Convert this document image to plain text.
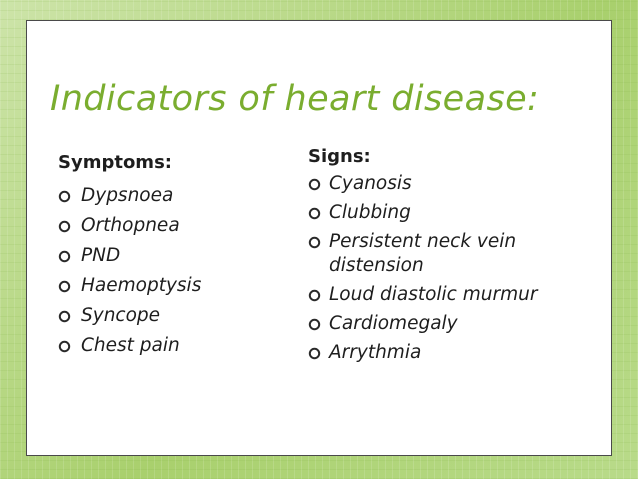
Indicators of heart disease:
Symptoms:
Dypsnoea
Orthopnea
PND
Haemoptysis
Syncope
Chest pain
Signs:
Cyanosis
Clubbing
Persistent neck vein distension
Loud diastolic murmur
Cardiomegaly
Arrythmia
